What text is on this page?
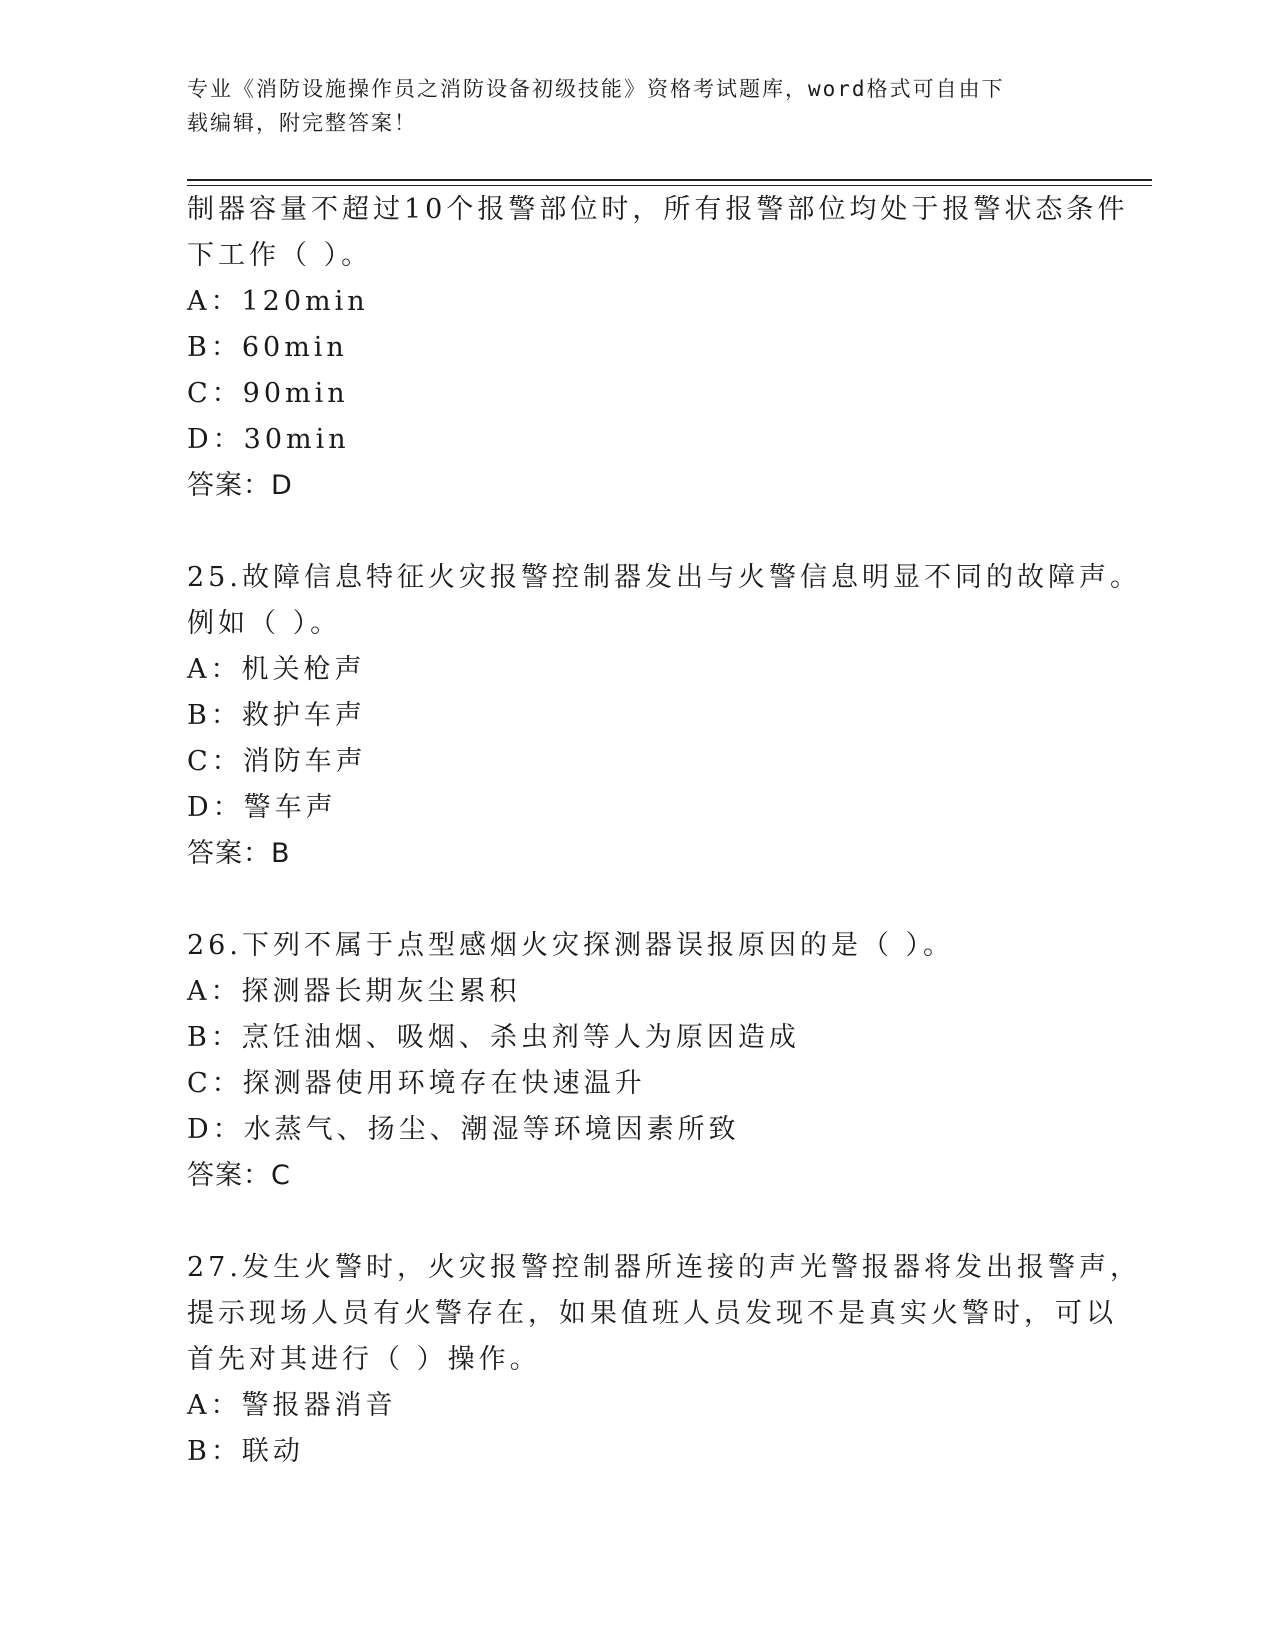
专业《消防设施操作员之消防设备初级技能》资格考试题库，word格式可自由下
载编辑，附完整答案！
制器容量不超过10个报警部位时，所有报警部位均处于报警状态条件
下工作（ ）。
A：120min
B：60min
C：90min
D：30min
答案：D
25.故障信息特征火灾报警控制器发出与火警信息明显不同的故障声。
例如（ ）。
A：机关枪声
B：救护车声
C：消防车声
D：警车声
答案：B
26.下列不属于点型感烟火灾探测器误报原因的是（ ）。
A：探测器长期灰尘累积
B：烹饪油烟、吸烟、杀虫剂等人为原因造成
C：探测器使用环境存在快速温升
D：水蒸气、扬尘、潮湿等环境因素所致
答案：C
27.发生火警时，火灾报警控制器所连接的声光警报器将发出报警声，
提示现场人员有火警存在，如果值班人员发现不是真实火警时，可以
首先对其进行（ ）操作。
A：警报器消音
B：联动
